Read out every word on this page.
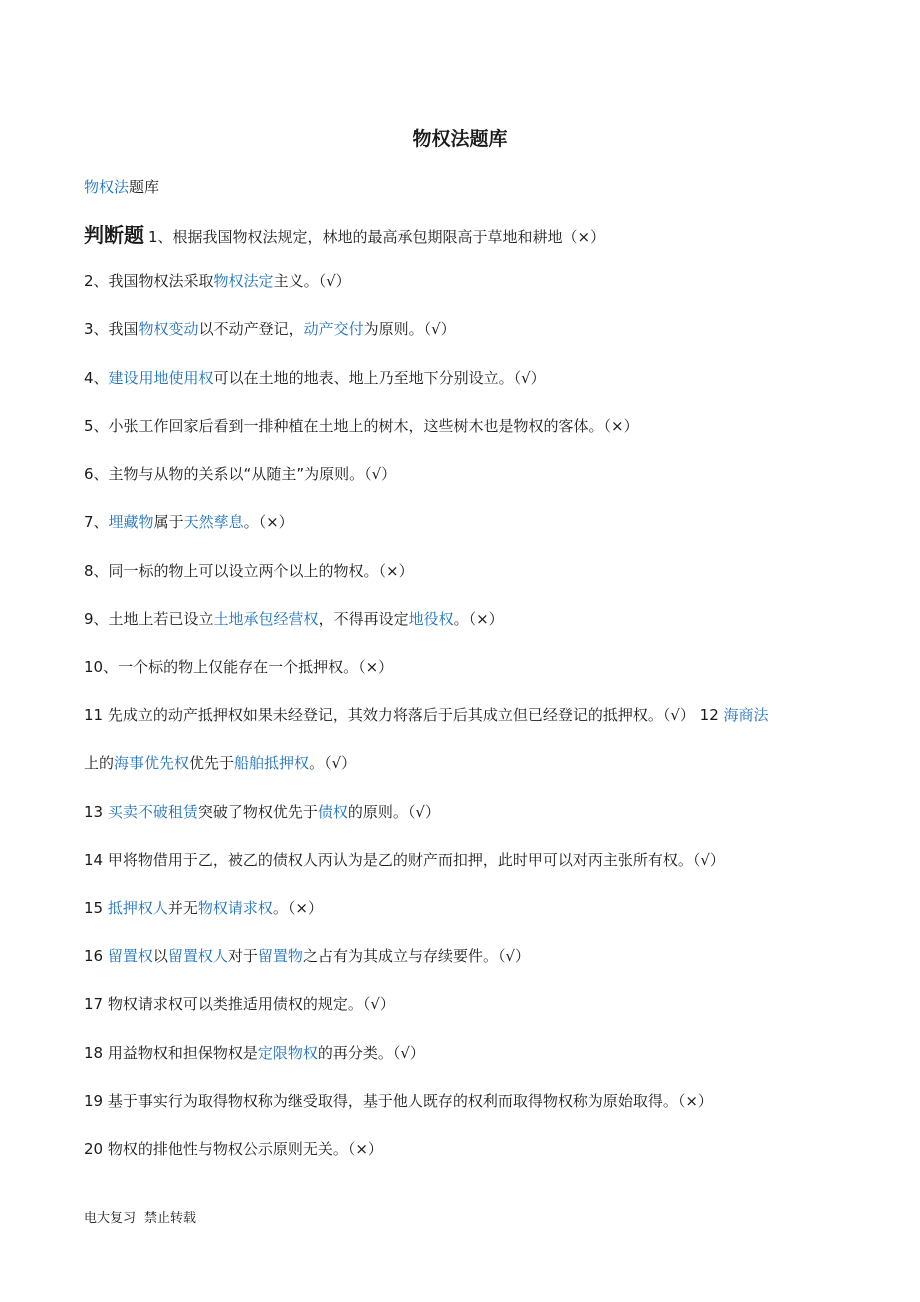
物权法题库
物权法题库
判断题 1、根据我国物权法规定，林地的最高承包期限高于草地和耕地（×）
2、我国物权法采取物权法定主义。（√）
3、我国物权变动以不动产登记，动产交付为原则。（√）
4、建设用地使用权可以在土地的地表、地上乃至地下分别设立。（√）
5、小张工作回家后看到一排种植在土地上的树木，这些树木也是物权的客体。（×）
6、主物与从物的关系以“从随主”为原则。（√）
7、埋藏物属于天然孳息。（×）
8、同一标的物上可以设立两个以上的物权。（×）
9、土地上若已设立土地承包经营权，不得再设定地役权。（×）
10、一个标的物上仅能存在一个抵押权。（×）
11 先成立的动产抵押权如果未经登记，其效力将落后于后其成立但已经登记的抵押权。（√） 12 海商法
上的海事优先权优先于船舶抵押权。（√）
13 买卖不破租赁突破了物权优先于债权的原则。（√）
14 甲将物借用于乙，被乙的债权人丙认为是乙的财产而扣押，此时甲可以对丙主张所有权。（√）
15 抵押权人并无物权请求权。（×）
16 留置权以留置权人对于留置物之占有为其成立与存续要件。（√）
17 物权请求权可以类推适用债权的规定。（√）
18 用益物权和担保物权是定限物权的再分类。（√）
19 基于事实行为取得物权称为继受取得，基于他人既存的权利而取得物权称为原始取得。（×）
20 物权的排他性与物权公示原则无关。（×）
电大复习 禁止转载
